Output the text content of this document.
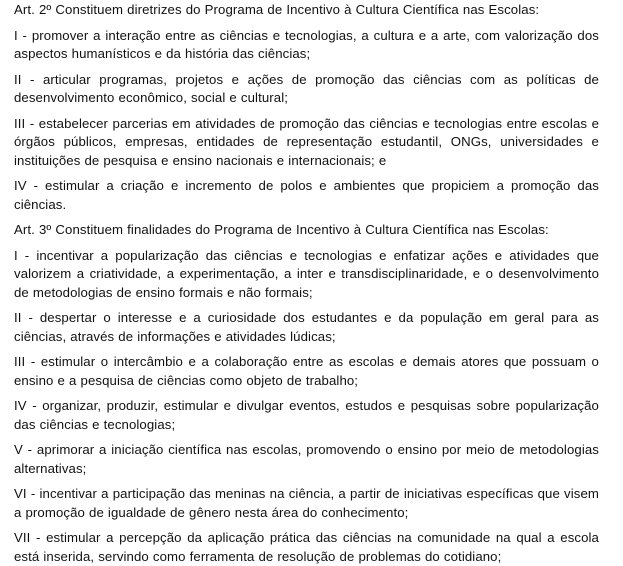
Art. 2º Constituem diretrizes do Programa de Incentivo à Cultura Científica nas Escolas:

I - promover a interação entre as ciências e tecnologias, a cultura e a arte, com valorização dos aspectos humanísticos e da história das ciências;

II - articular programas, projetos e ações de promoção das ciências com as políticas de desenvolvimento econômico, social e cultural;

III - estabelecer parcerias em atividades de promoção das ciências e tecnologias entre escolas e órgãos públicos, empresas, entidades de representação estudantil, ONGs, universidades e instituições de pesquisa e ensino nacionais e internacionais; e

IV - estimular a criação e incremento de polos e ambientes que propiciem a promoção das ciências.

Art. 3º Constituem finalidades do Programa de Incentivo à Cultura Científica nas Escolas:

I - incentivar a popularização das ciências e tecnologias e enfatizar ações e atividades que valorizem a criatividade, a experimentação, a inter e transdisciplinaridade, e o desenvolvimento de metodologias de ensino formais e não formais;

II - despertar o interesse e a curiosidade dos estudantes e da população em geral para as ciências, através de informações e atividades lúdicas;

III - estimular o intercâmbio e a colaboração entre as escolas e demais atores que possuam o ensino e a pesquisa de ciências como objeto de trabalho;

IV - organizar, produzir, estimular e divulgar eventos, estudos e pesquisas sobre popularização das ciências e tecnologias;

V - aprimorar a iniciação científica nas escolas, promovendo o ensino por meio de metodologias alternativas;

VI - incentivar a participação das meninas na ciência, a partir de iniciativas específicas que visem a promoção de igualdade de gênero nesta área do conhecimento;

VII - estimular a percepção da aplicação prática das ciências na comunidade na qual a escola está inserida, servindo como ferramenta de resolução de problemas do cotidiano;
